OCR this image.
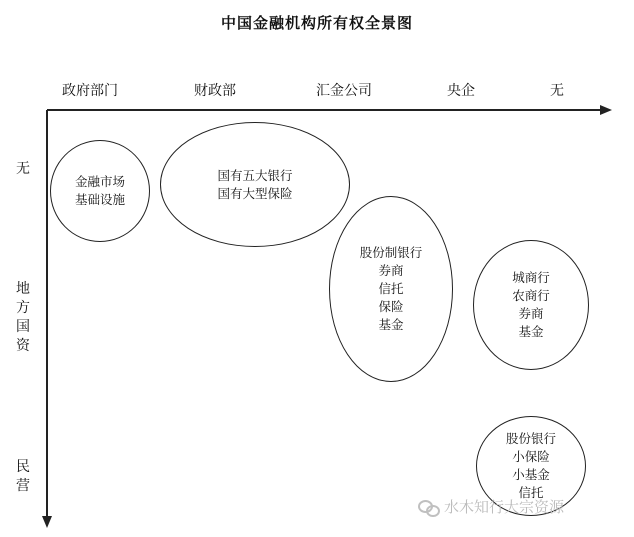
中国金融机构所有权全景图
政府部门	财政部	汇金公司	央企	无
无
地方国资
民营
金融市场
基础设施
国有五大银行
国有大型保险
股份制银行
券商
信托
保险
基金
城商行
农商行
券商
基金
股份银行
小保险
小基金
信托
水木知行大宗资源
